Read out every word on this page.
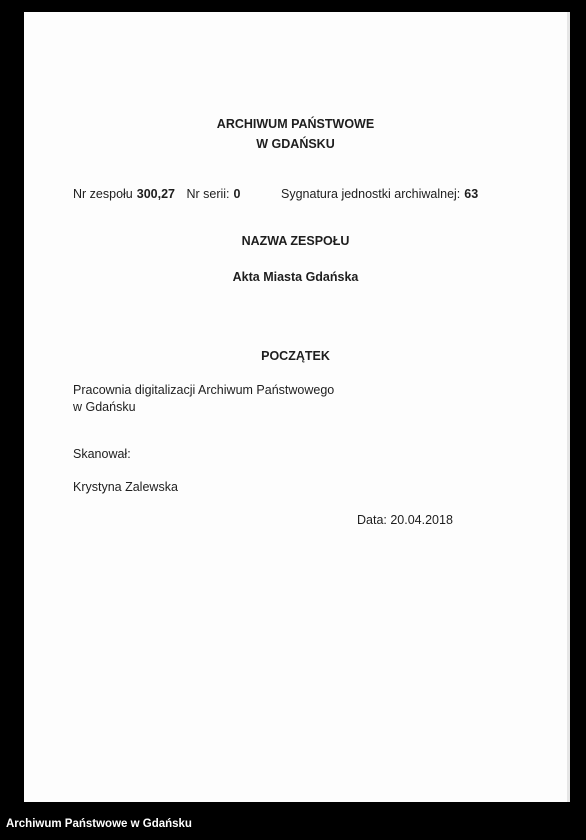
ARCHIWUM PAŃSTWOWE
W GDAŃSKU
Nr zespołu 300,27 Nr serii: 0	Sygnatura jednostki archiwalnej: 63
NAZWA ZESPOŁU
Akta Miasta Gdańska
POCZĄTEK
Pracownia digitalizacji Archiwum Państwowego
w Gdańsku
Skanował:
Krystyna Zalewska
Data: 20.04.2018
Archiwum Państwowe w Gdańsku
